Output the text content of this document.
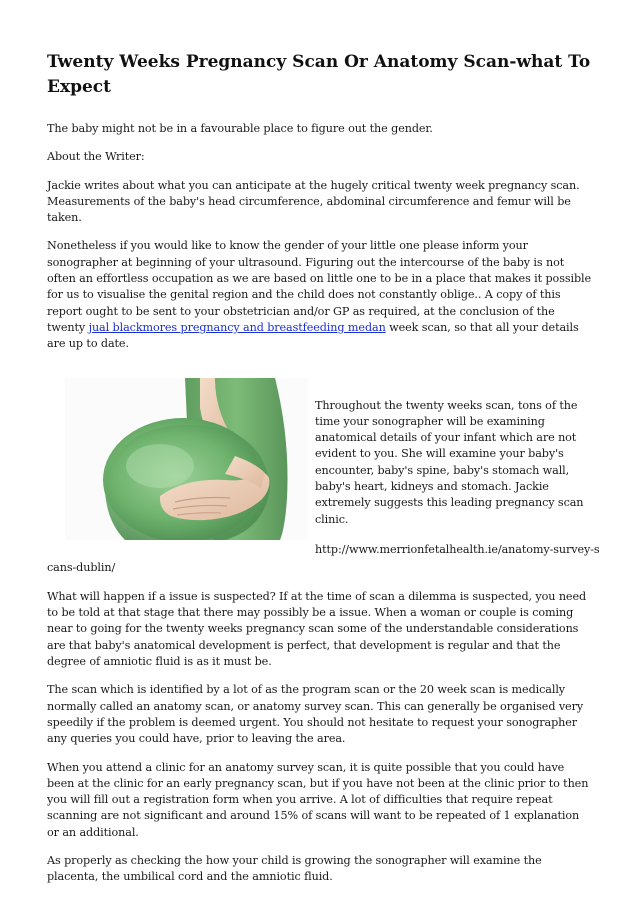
Twenty Weeks Pregnancy Scan Or Anatomy Scan-what To Expect

The baby might not be in a favourable place to figure out the gender.

About the Writer:

Jackie writes about what you can anticipate at the hugely critical twenty week pregnancy scan. Measurements of the baby's head circumference, abdominal circumference and femur will be taken.

Nonetheless if you would like to know the gender of your little one please inform your sonographer at beginning of your ultrasound. Figuring out the intercourse of the baby is not often an effortless occupation as we are based on little one to be in a place that makes it possible for us to visualise the genital region and the child does not constantly oblige.. A copy of this report ought to be sent to your obstetrician and/or GP as required, at the conclusion of the twenty jual blackmores pregnancy and breastfeeding medan week scan, so that all your details are up to date.

Throughout the twenty weeks scan, tons of the time your sonographer will be examining anatomical details of your infant which are not evident to you. She will examine your baby's encounter, baby's spine, baby's stomach wall, baby's heart, kidneys and stomach. Jackie extremely suggests this leading pregnancy scan clinic.

http://www.merrionfetalhealth.ie/anatomy-survey-s

cans-dublin/

What will happen if a issue is suspected? If at the time of scan a dilemma is suspected, you need to be told at that stage that there may possibly be a issue. When a woman or couple is coming near to going for the twenty weeks pregnancy scan some of the understandable considerations are that baby's anatomical development is perfect, that development is regular and that the degree of amniotic fluid is as it must be.

The scan which is identified by a lot of as the program scan or the 20 week scan is medically normally called an anatomy scan, or anatomy survey scan. This can generally be organised very speedily if the problem is deemed urgent. You should not hesitate to request your sonographer any queries you could have, prior to leaving the area.

When you attend a clinic for an anatomy survey scan, it is quite possible that you could have been at the clinic for an early pregnancy scan, but if you have not been at the clinic prior to then you will fill out a registration form when you arrive. A lot of difficulties that require repeat scanning are not significant and around 15% of scans will want to be repeated of 1 explanation or an additional.

As properly as checking the how your child is growing the sonographer will examine the placenta, the umbilical cord and the amniotic fluid.
